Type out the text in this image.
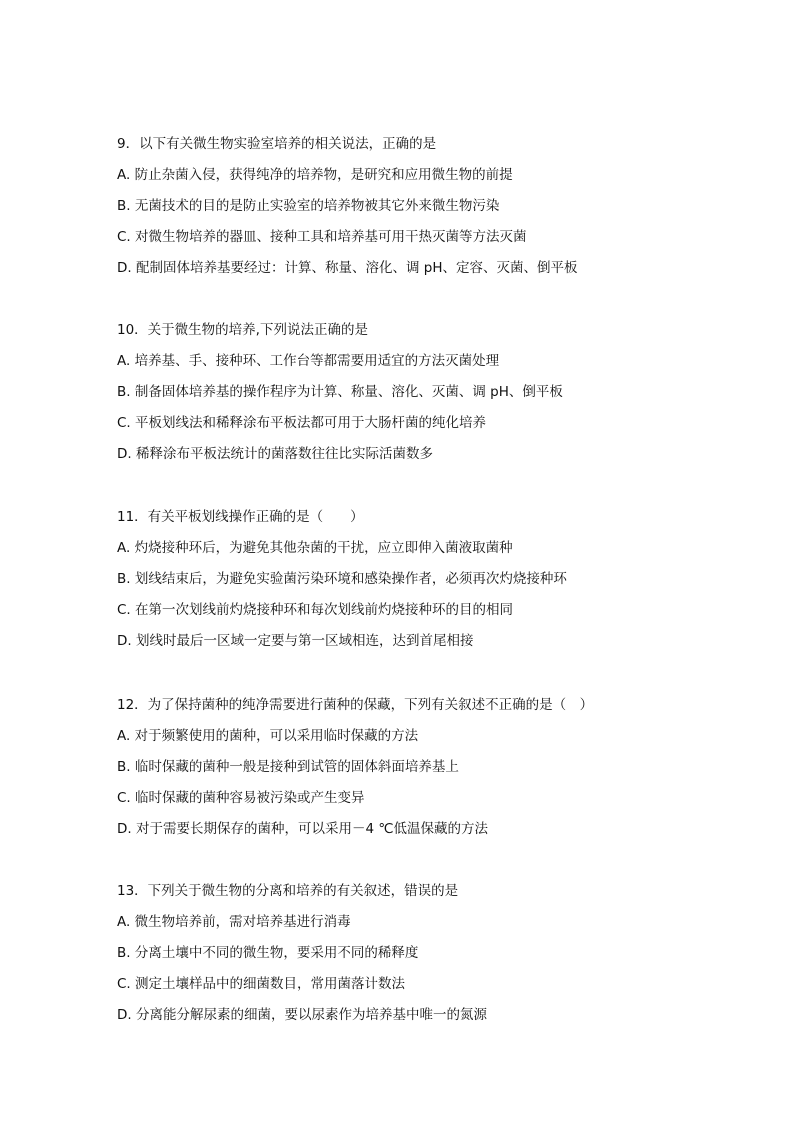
9．以下有关微生物实验室培养的相关说法，正确的是
A. 防止杂菌入侵，获得纯净的培养物，是研究和应用微生物的前提
B. 无菌技术的目的是防止实验室的培养物被其它外来微生物污染
C. 对微生物培养的器皿、接种工具和培养基可用干热灭菌等方法灭菌
D. 配制固体培养基要经过：计算、称量、溶化、调 pH、定容、灭菌、倒平板
10．关于微生物的培养,下列说法正确的是
A. 培养基、手、接种环、工作台等都需要用适宜的方法灭菌处理
B. 制备固体培养基的操作程序为计算、称量、溶化、灭菌、调 pH、倒平板
C. 平板划线法和稀释涂布平板法都可用于大肠杆菌的纯化培养
D. 稀释涂布平板法统计的菌落数往往比实际活菌数多
11．有关平板划线操作正确的是（　　）
A. 灼烧接种环后，为避免其他杂菌的干扰，应立即伸入菌液取菌种
B. 划线结束后，为避免实验菌污染环境和感染操作者，必须再次灼烧接种环
C. 在第一次划线前灼烧接种环和每次划线前灼烧接种环的目的相同
D. 划线时最后一区域一定要与第一区域相连，达到首尾相接
12．为了保持菌种的纯净需要进行菌种的保藏，下列有关叙述不正确的是（　）
A. 对于频繁使用的菌种，可以采用临时保藏的方法
B. 临时保藏的菌种一般是接种到试管的固体斜面培养基上
C. 临时保藏的菌种容易被污染或产生变异
D. 对于需要长期保存的菌种，可以采用－4 ℃低温保藏的方法
13．下列关于微生物的分离和培养的有关叙述，错误的是
A. 微生物培养前，需对培养基进行消毒
B. 分离土壤中不同的微生物，要采用不同的稀释度
C. 测定土壤样品中的细菌数目，常用菌落计数法
D. 分离能分解尿素的细菌，要以尿素作为培养基中唯一的氮源
